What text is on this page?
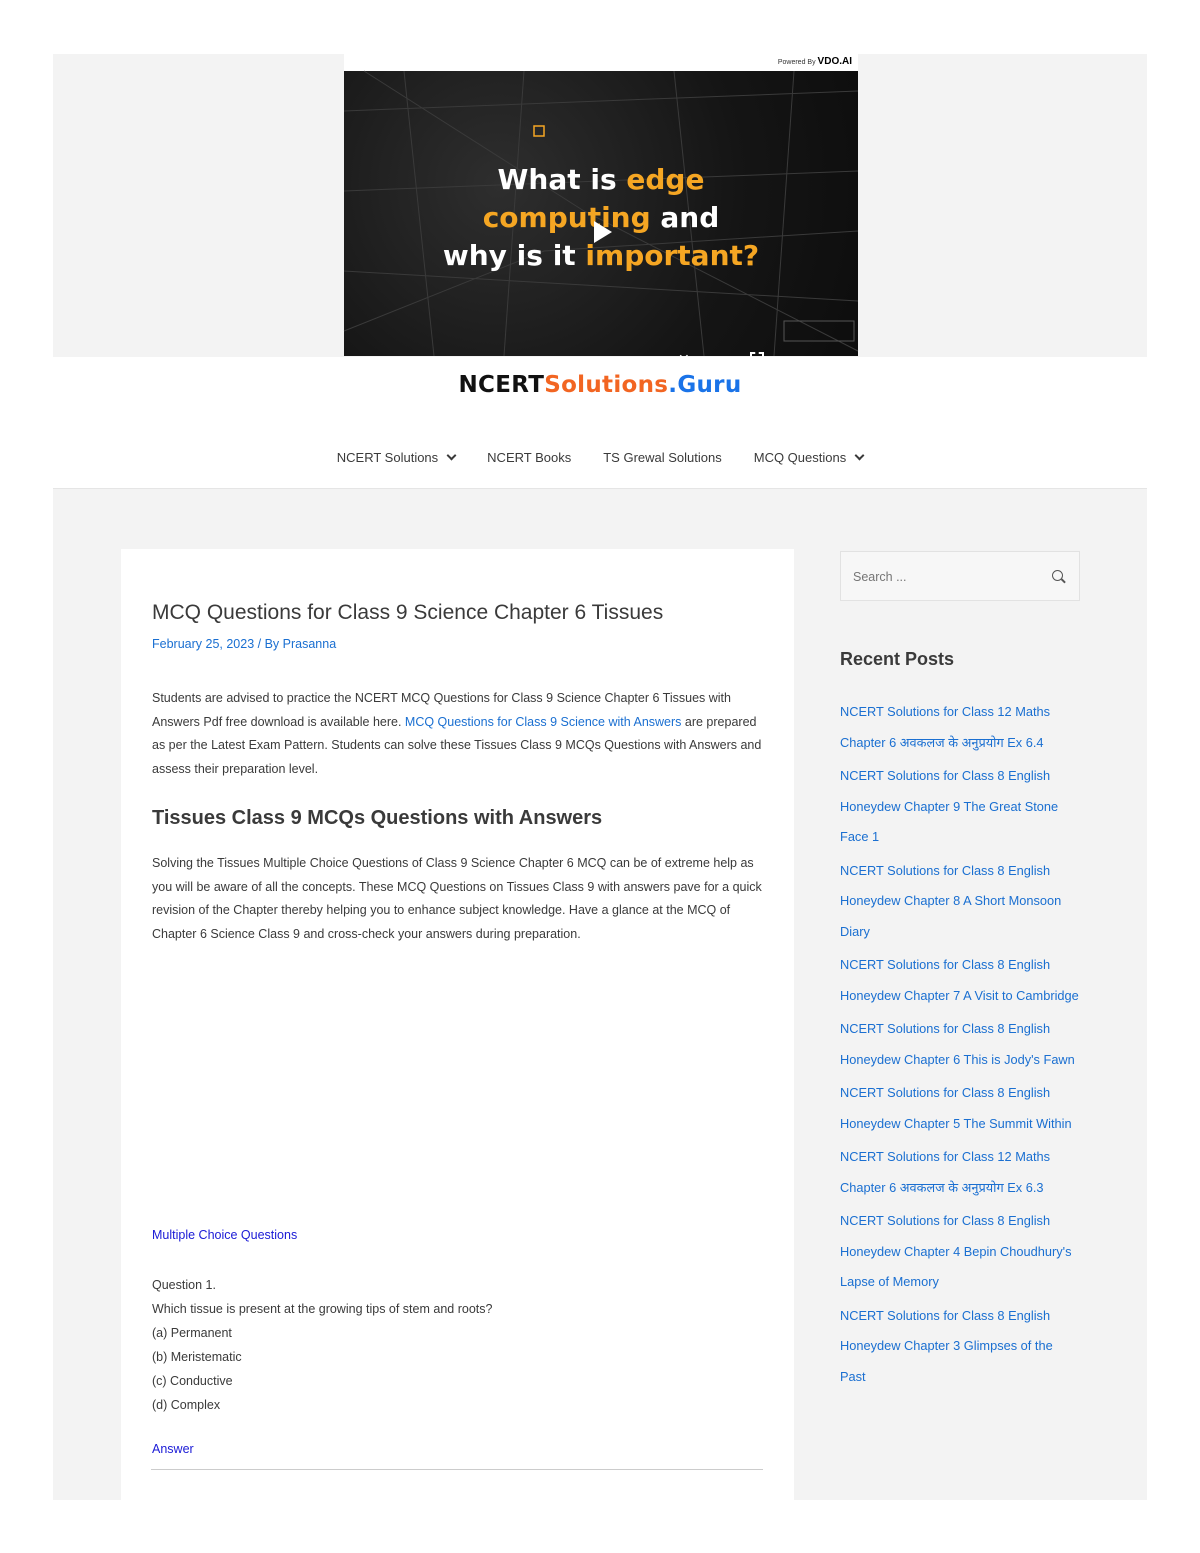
Powered By VDO.AI
What is edge
computing and
why is it important?
✕
NCERTSolutions.Guru
NCERT Solutions	NCERT Books TS Grewal Solutions MCQ Questions
MCQ Questions for Class 9 Science Chapter 6 Tissues
February 25, 2023 / By Prasanna

Students are advised to practice the NCERT MCQ Questions for Class 9 Science Chapter 6 Tissues with Answers Pdf free download is available here. MCQ Questions for Class 9 Science with Answers are prepared as per the Latest Exam Pattern. Students can solve these Tissues Class 9 MCQs Questions with Answers and assess their preparation level.

Tissues Class 9 MCQs Questions with Answers

Solving the Tissues Multiple Choice Questions of Class 9 Science Chapter 6 MCQ can be of extreme help as you will be aware of all the concepts. These MCQ Questions on Tissues Class 9 with answers pave for a quick revision of the Chapter thereby helping you to enhance subject knowledge. Have a glance at the MCQ of Chapter 6 Science Class 9 and cross-check your answers during preparation.

Multiple Choice Questions
Question 1.
Which tissue is present at the growing tips of stem and roots?
(a) Permanent
(b) Meristematic
(c) Conductive
(d) Complex
Answer
Search ...
Recent Posts
NCERT Solutions for Class 12 Maths Chapter 6 अवकलज के अनुप्रयोग Ex 6.4
NCERT Solutions for Class 8 English Honeydew Chapter 9 The Great Stone Face 1
NCERT Solutions for Class 8 English Honeydew Chapter 8 A Short Monsoon Diary
NCERT Solutions for Class 8 English Honeydew Chapter 7 A Visit to Cambridge
NCERT Solutions for Class 8 English Honeydew Chapter 6 This is Jody's Fawn
NCERT Solutions for Class 8 English Honeydew Chapter 5 The Summit Within
NCERT Solutions for Class 12 Maths Chapter 6 अवकलज के अनुप्रयोग Ex 6.3
NCERT Solutions for Class 8 English Honeydew Chapter 4 Bepin Choudhury's Lapse of Memory
NCERT Solutions for Class 8 English Honeydew Chapter 3 Glimpses of the Past
